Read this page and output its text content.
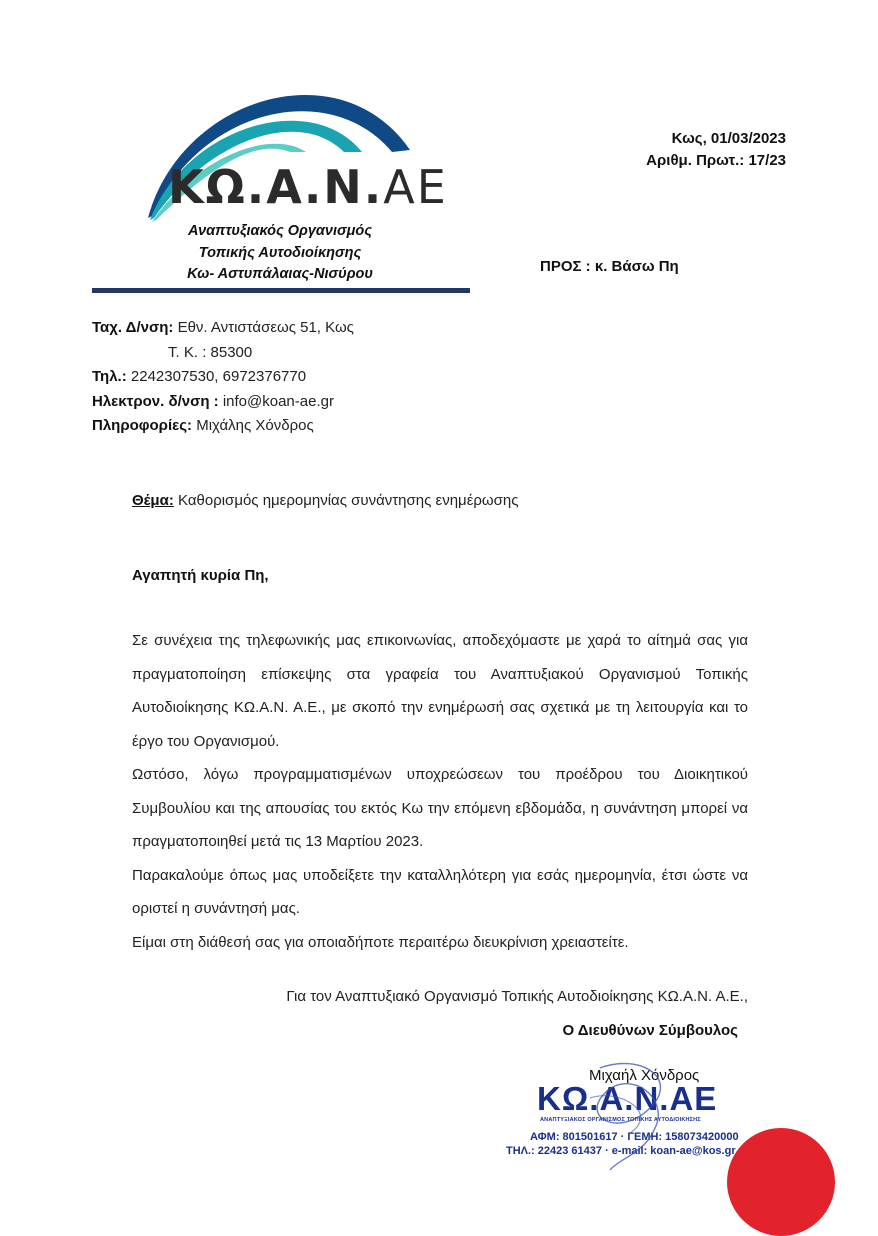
ΚΩ.Α.Ν.ΑΕ
Αναπτυξιακός Οργανισμός
Τοπικής Αυτοδιοίκησης
Κω- Αστυπάλαιας-Νισύρου
Κως, 01/03/2023
Αριθμ. Πρωτ.: 17/23
ΠΡΟΣ : κ. Βάσω Πη
Ταχ. Δ/νση: Εθν. Αντιστάσεως 51, Κως
Τ. Κ. : 85300
Τηλ.: 2242307530, 6972376770
Ηλεκτρον. δ/νση : info@koan-ae.gr
Πληροφορίες: Μιχάλης Χόνδρος
Θέμα: Καθορισμός ημερομηνίας συνάντησης ενημέρωσης
Αγαπητή κυρία Πη,

Σε συνέχεια της τηλεφωνικής μας επικοινωνίας, αποδεχόμαστε με χαρά το αίτημά σας για πραγματοποίηση επίσκεψης στα γραφεία του Αναπτυξιακού Οργανισμού Τοπικής Αυτοδιοίκησης ΚΩ.Α.Ν. Α.Ε., με σκοπό την ενημέρωσή σας σχετικά με τη λειτουργία και το έργο του Οργανισμού.

Ωστόσο, λόγω προγραμματισμένων υποχρεώσεων του προέδρου του Διοικητικού Συμβουλίου και της απουσίας του εκτός Κω την επόμενη εβδομάδα, η συνάντηση μπορεί να πραγματοποιηθεί μετά τις 13 Μαρτίου 2023.

Παρακαλούμε όπως μας υποδείξετε την καταλληλότερη για εσάς ημερομηνία, έτσι ώστε να οριστεί η συνάντησή μας.

Είμαι στη διάθεσή σας για οποιαδήποτε περαιτέρω διευκρίνιση χρειαστείτε.

Για τον Αναπτυξιακό Οργανισμό Τοπικής Αυτοδιοίκησης ΚΩ.Α.Ν. Α.Ε.,
Ο Διευθύνων Σύμβουλος
Μιχαήλ Χόνδρος
ΚΩ.Α.Ν.ΑΕ
ΑΝΑΠΤΥΞΙΑΚΟΣ ΟΡΓΑΝΙΣΜΟΣ ΤΟΠΙΚΗΣ ΑΥΤΟΔΙΟΙΚΗΣΗΣ
ΑΦΜ: 801501617 · ΓΕΜΗ: 158073420000
ΤΗΛ.: 22423 61437 · e-mail: koan-ae@kos.gr
